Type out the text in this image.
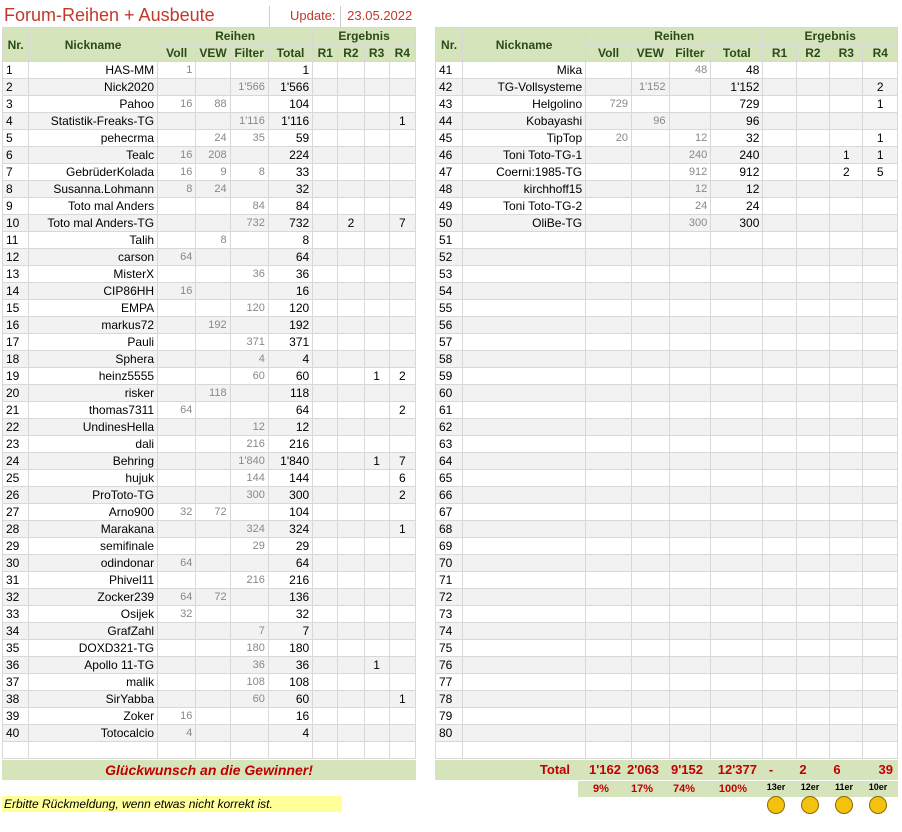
Forum-Reihen + Ausbeute	Update: 23.05.2022
Nr.	Nickname	Reihen				Ergebnis			
		Voll	VEW	Filter	Total	R1	R2	R3	R4
1	HAS-MM	1			1				
2	Nick2020			1'566	1'566				
3	Pahoo	16	88		104				
4	Statistik-Freaks-TG			1'116	1'116				1
5	pehecrma		24	35	59				
6	Tealc	16	208		224				
7	GebrüderKolada	16	9	8	33				
8	Susanna.Lohmann	8	24		32				
9	Toto mal Anders			84	84				
10	Toto mal Anders-TG			732	732		2		7
11	Talih		8		8				
12	carson	64			64				
13	MisterX			36	36				
14	CIP86HH	16			16				
15	EMPA			120	120				
16	markus72		192		192				
17	Pauli			371	371				
18	Sphera			4	4				
19	heinz5555			60	60			1	2
20	risker		118		118				
21	thomas7311	64			64				2
22	UndinesHella			12	12				
23	dali			216	216				
24	Behring			1'840	1'840			1	7
25	hujuk			144	144				6
26	ProToto-TG			300	300				2
27	Arno900	32	72		104				
28	Marakana			324	324				1
29	semifinale			29	29				
30	odindonar	64			64				
31	Phivel11			216	216				
32	Zocker239	64	72		136				
33	Osijek	32			32				
34	GrafZahl			7	7				
35	DOXD321-TG			180	180				
36	Apollo 11-TG			36	36			1	
37	malik			108	108				
38	SirYabba			60	60				1
39	Zoker	16			16				
40	Totocalcio	4			4				

Nr.	Nickname	Reihen				Ergebnis			
		Voll	VEW	Filter	Total	R1	R2	R3	R4
41	Mika			48	48				
42	TG-Vollsysteme		1'152		1'152				2
43	Helgolino	729			729				1
44	Kobayashi		96		96				
45	TipTop	20		12	32				1
46	Toni Toto-TG-1			240	240			1	1
47	Coerni:1985-TG			912	912			2	5
48	kirchhoff15			12	12				
49	Toni Toto-TG-2			24	24				
50	OliBe-TG			300	300				
51									
52									
53									
54									
55									
56									
57									
58									
59									
60									
61									
62									
63									
64									
65									
66									
67									
68									
69									
70									
71									
72									
73									
74									
75									
76									
77									
78									
79									
80									

Glückwunsch an die Gewinner!	Total	1'162 2'063 9'152	12'377 -	2	6	39
9%	17%	74%	100%
Erbitte Rückmeldung, wenn etwas nicht korrekt ist.
13er	12er	11er	10er
